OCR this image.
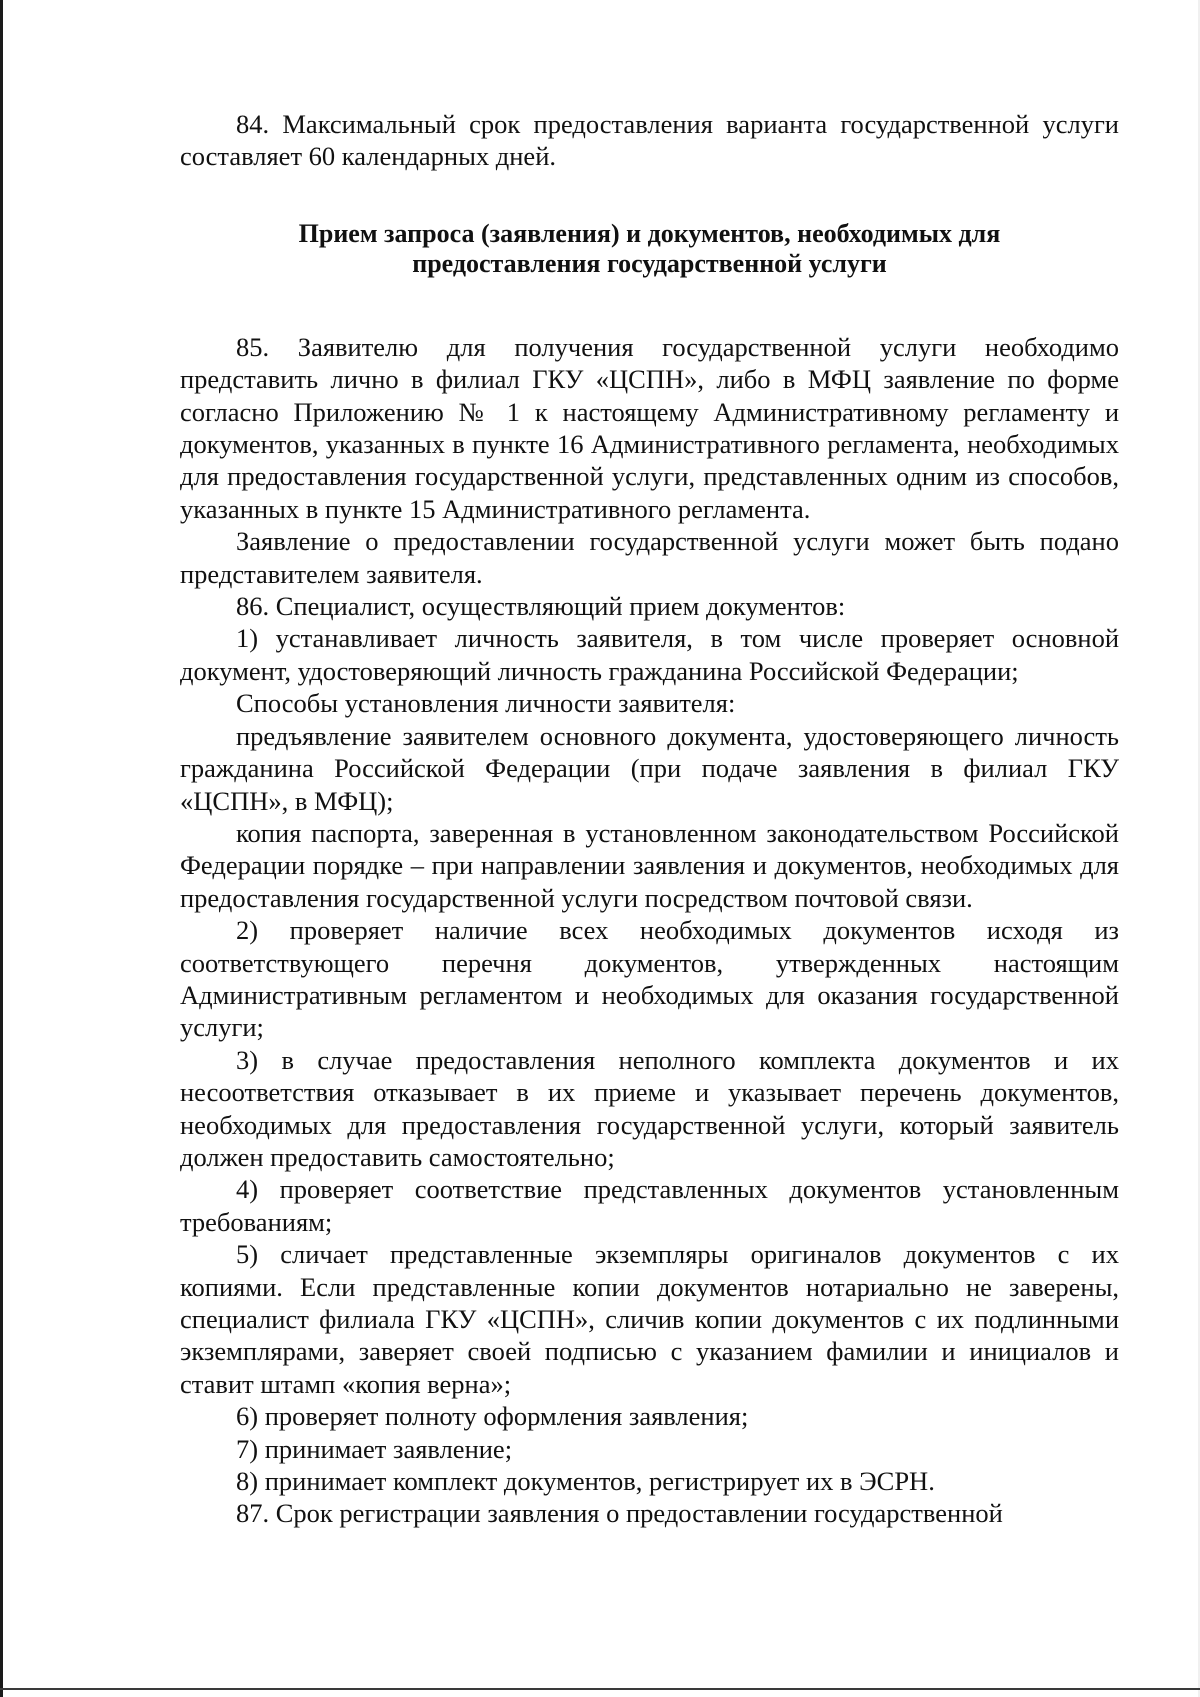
84. Максимальный срок предоставления варианта государственной услуги составляет 60 календарных дней.

Прием запроса (заявления) и документов, необходимых для предоставления государственной услуги

85. Заявителю для получения государственной услуги необходимо представить лично в филиал ГКУ «ЦСПН», либо в МФЦ заявление по форме согласно Приложению № 1 к настоящему Административному регламенту и документов, указанных в пункте 16 Административного регламента, необходимых для предоставления государственной услуги, представленных одним из способов, указанных в пункте 15 Административного регламента.

Заявление о предоставлении государственной услуги может быть подано представителем заявителя.

86. Специалист, осуществляющий прием документов:

1) устанавливает личность заявителя, в том числе проверяет основной документ, удостоверяющий личность гражданина Российской Федерации;

Способы установления личности заявителя:

предъявление заявителем основного документа, удостоверяющего личность гражданина Российской Федерации (при подаче заявления в филиал ГКУ «ЦСПН», в МФЦ);

копия паспорта, заверенная в установленном законодательством Российской Федерации порядке – при направлении заявления и документов, необходимых для предоставления государственной услуги посредством почтовой связи.

2) проверяет наличие всех необходимых документов исходя из соответствующего перечня документов, утвержденных настоящим Административным регламентом и необходимых для оказания государственной услуги;

3) в случае предоставления неполного комплекта документов и их несоответствия отказывает в их приеме и указывает перечень документов, необходимых для предоставления государственной услуги, который заявитель должен предоставить самостоятельно;

4) проверяет соответствие представленных документов установленным требованиям;

5) сличает представленные экземпляры оригиналов документов с их копиями. Если представленные копии документов нотариально не заверены, специалист филиала ГКУ «ЦСПН», сличив копии документов с их подлинными экземплярами, заверяет своей подписью с указанием фамилии и инициалов и ставит штамп «копия верна»;

6) проверяет полноту оформления заявления;

7) принимает заявление;

8) принимает комплект документов, регистрирует их в ЭСРН.

87. Срок регистрации заявления о предоставлении государственной
